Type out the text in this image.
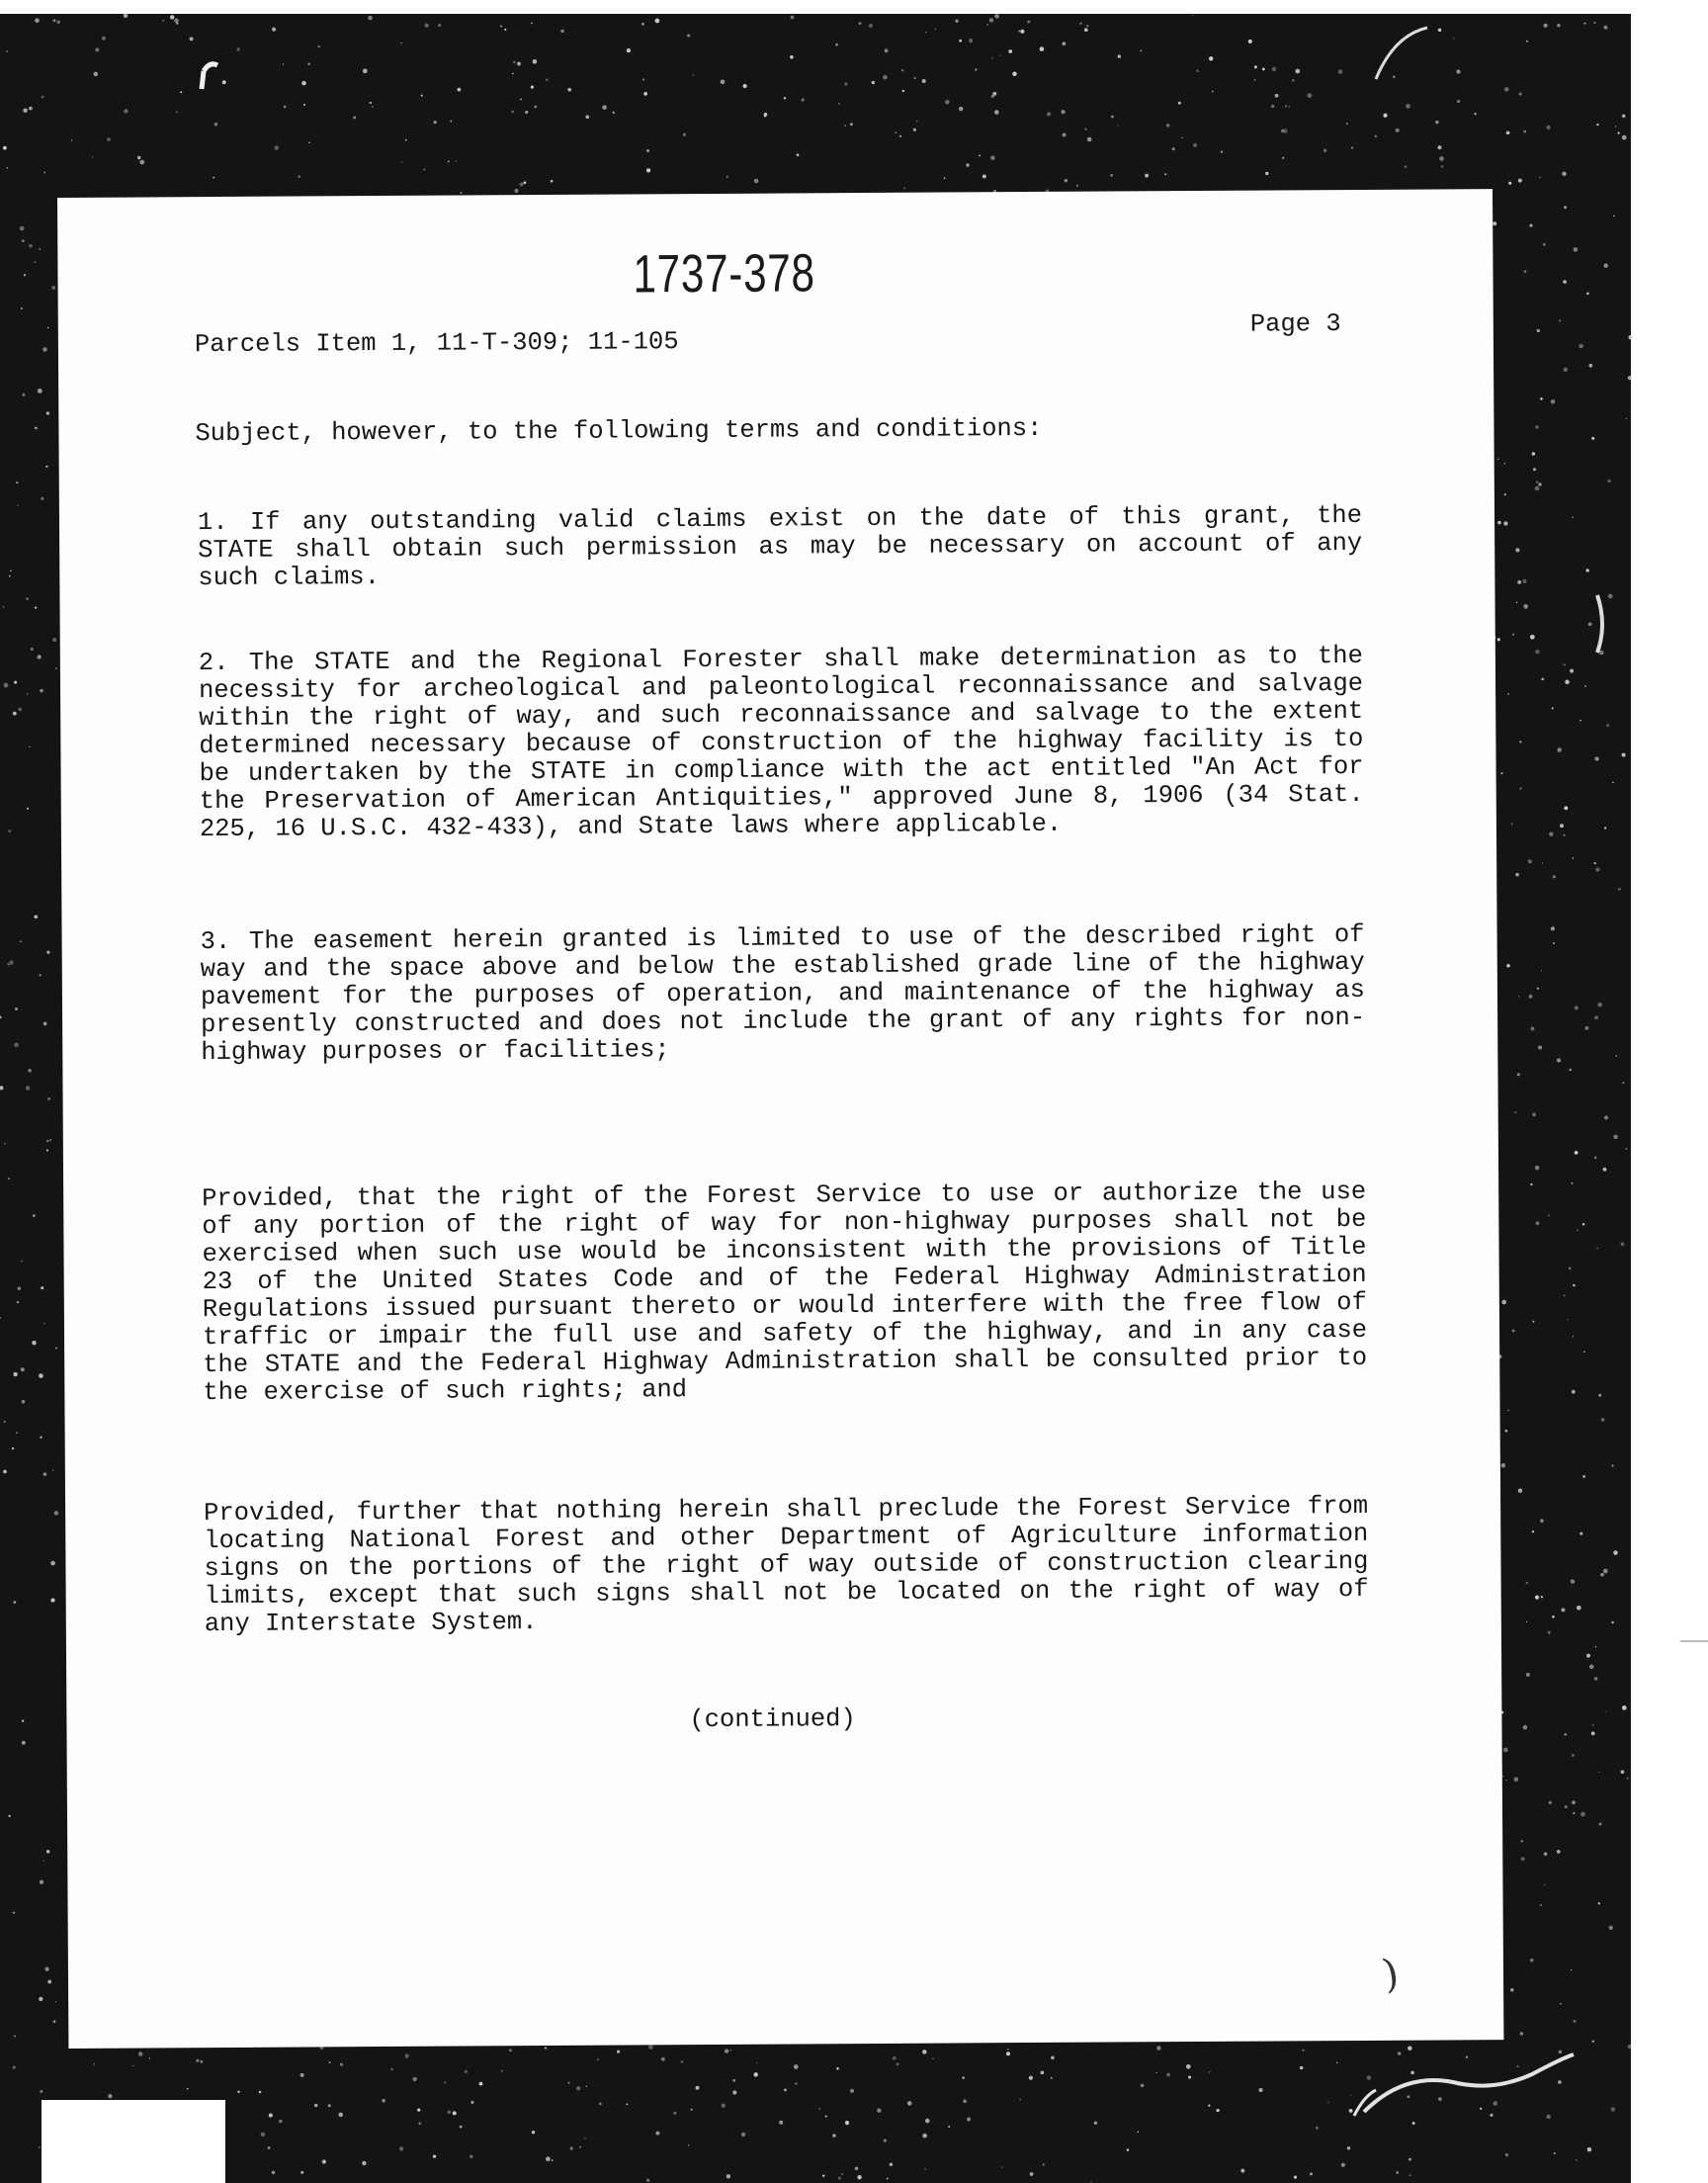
1737-378
Parcels Item 1, 11-T-309; 11-105
Page 3
Subject, however, to the following terms and conditions:
1. If any outstanding valid claims exist on the date of this grant, the STATE shall obtain such permission as may be necessary on account of any such claims.
2. The STATE and the Regional Forester shall make determination as to the necessity for archeological and paleontological reconnaissance and salvage within the right of way, and such reconnaissance and salvage to the extent determined necessary because of construction of the highway facility is to be undertaken by the STATE in compliance with the act entitled "An Act for the Preservation of American Antiquities," approved June 8, 1906 (34 Stat. 225, 16 U.S.C. 432-433), and State laws where applicable.
3. The easement herein granted is limited to use of the described right of way and the space above and below the established grade line of the highway pavement for the purposes of operation, and maintenance of the highway as presently constructed and does not include the grant of any rights for non-highway purposes or facilities;
Provided, that the right of the Forest Service to use or authorize the use of any portion of the right of way for non-highway purposes shall not be exercised when such use would be inconsistent with the provisions of Title 23 of the United States Code and of the Federal Highway Administration Regulations issued pursuant thereto or would interfere with the free flow of traffic or impair the full use and safety of the highway, and in any case the STATE and the Federal Highway Administration shall be consulted prior to the exercise of such rights; and
Provided, further that nothing herein shall preclude the Forest Service from locating National Forest and other Department of Agriculture information signs on the portions of the right of way outside of construction clearing limits, except that such signs shall not be located on the right of way of any Interstate System.
(continued)
)
